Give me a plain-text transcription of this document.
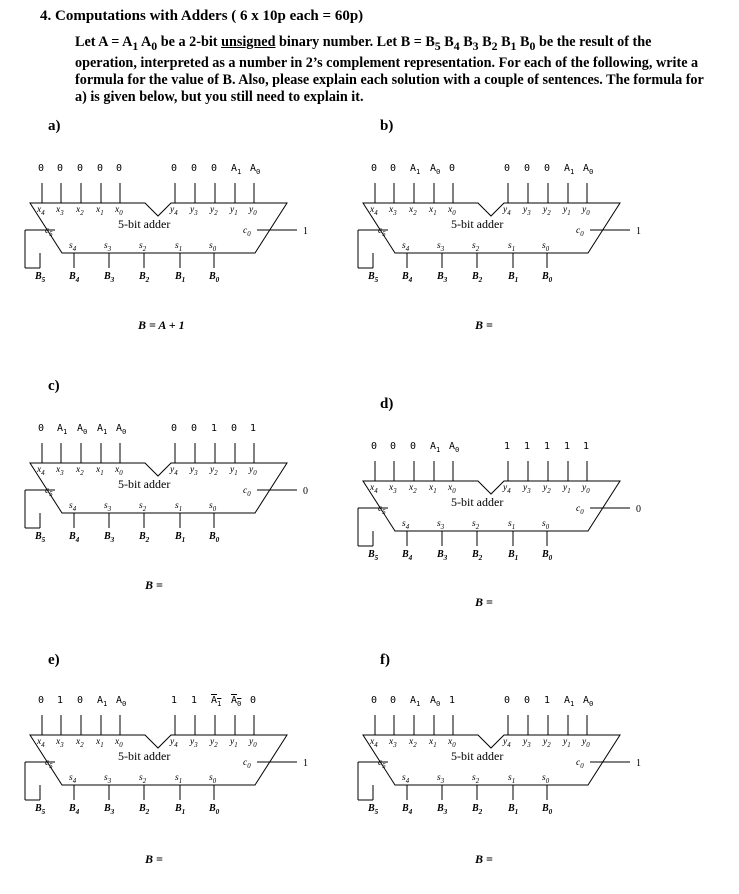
4. Computations with Adders ( 6 x 10p each = 60p)
Let $A = A_1$ $A_0$ be a 2-bit unsigned binary number. Let $B = B_5$ $B_4$ $B_3$ $B_2$ $B_1$ $B_0$ be the result of the operation, interpreted as a number in 2’s complement representation. For each of the following, write a formula for the value of B. Also, please explain each solution with a couple of sentences. The formula for a) is given below, but you still need to explain it.
a)	b)
c)
d)
e)	f)
0 0 0 0 0	0 0 0 $A_1$ $A_0$
$x_4$ $x_3$ $x_2$ $x_1$ $x_0$	$y_4$ $y_3$ $y_2$ $y_1$ $y_0$
5-bit adder
$c_5$	$c_0$
$s_4$	$s_3$	$s_2$	$s_1$	$s_0$
1
$B_5$ $B_4$ $B_3$ $B_2$	$B_1$ $B_0$
B = A + 1
0 0 $A_1$ $A_0$ 0	0 0 0 $A_1$ $A_0$
$x_4$ $x_3$ $x_2$ $x_1$ $x_0$	$y_4$ $y_3$ $y_2$ $y_1$ $y_0$
5-bit adder
$c_5$	$c_0$
$s_4$	$s_3$	$s_2$	$s_1$	$s_0$
1
$B_5$ $B_4$ $B_3$ $B_2$	$B_1$ $B_0$
B =
0 $A_1$ $A_0$ $A_1$ $A_0$	0 0 1 0 1
$x_4$ $x_3$ $x_2$ $x_1$ $x_0$	$y_4$ $y_3$ $y_2$ $y_1$ $y_0$
5-bit adder
$c_5$	$c_0$
$s_4$	$s_3$	$s_2$	$s_1$	$s_0$
0
$B_5$ $B_4$ $B_3$ $B_2$	$B_1$ $B_0$
B =
0 0 0 $A_1$ $A_0$	1 1 1 1 1
$x_4$ $x_3$ $x_2$ $x_1$ $x_0$	$y_4$ $y_3$ $y_2$ $y_1$ $y_0$
5-bit adder
$c_5$	$c_0$
$s_4$	$s_3$	$s_2$	$s_1$	$s_0$
0
$B_5$ $B_4$ $B_3$ $B_2$	$B_1$ $B_0$
B =
0 1 0 $A_1$ $A_0$	1 1 $A_1$ $A_0$ 0
$x_4$ $x_3$ $x_2$ $x_1$ $x_0$	$y_4$ $y_3$ $y_2$ $y_1$ $y_0$
5-bit adder
$c_5$	$c_0$
$s_4$	$s_3$	$s_2$	$s_1$	$s_0$
1
$B_5$ $B_4$ $B_3$ $B_2$	$B_1$ $B_0$
B =
0 0 $A_1$ $A_0$ 1	0 0 1 $A_1$ $A_0$
$x_4$ $x_3$ $x_2$ $x_1$ $x_0$	$y_4$ $y_3$ $y_2$ $y_1$ $y_0$
5-bit adder
$c_5$	$c_0$
$s_4$	$s_3$	$s_2$	$s_1$	$s_0$
1
$B_5$ $B_4$ $B_3$ $B_2$	$B_1$ $B_0$
B =
